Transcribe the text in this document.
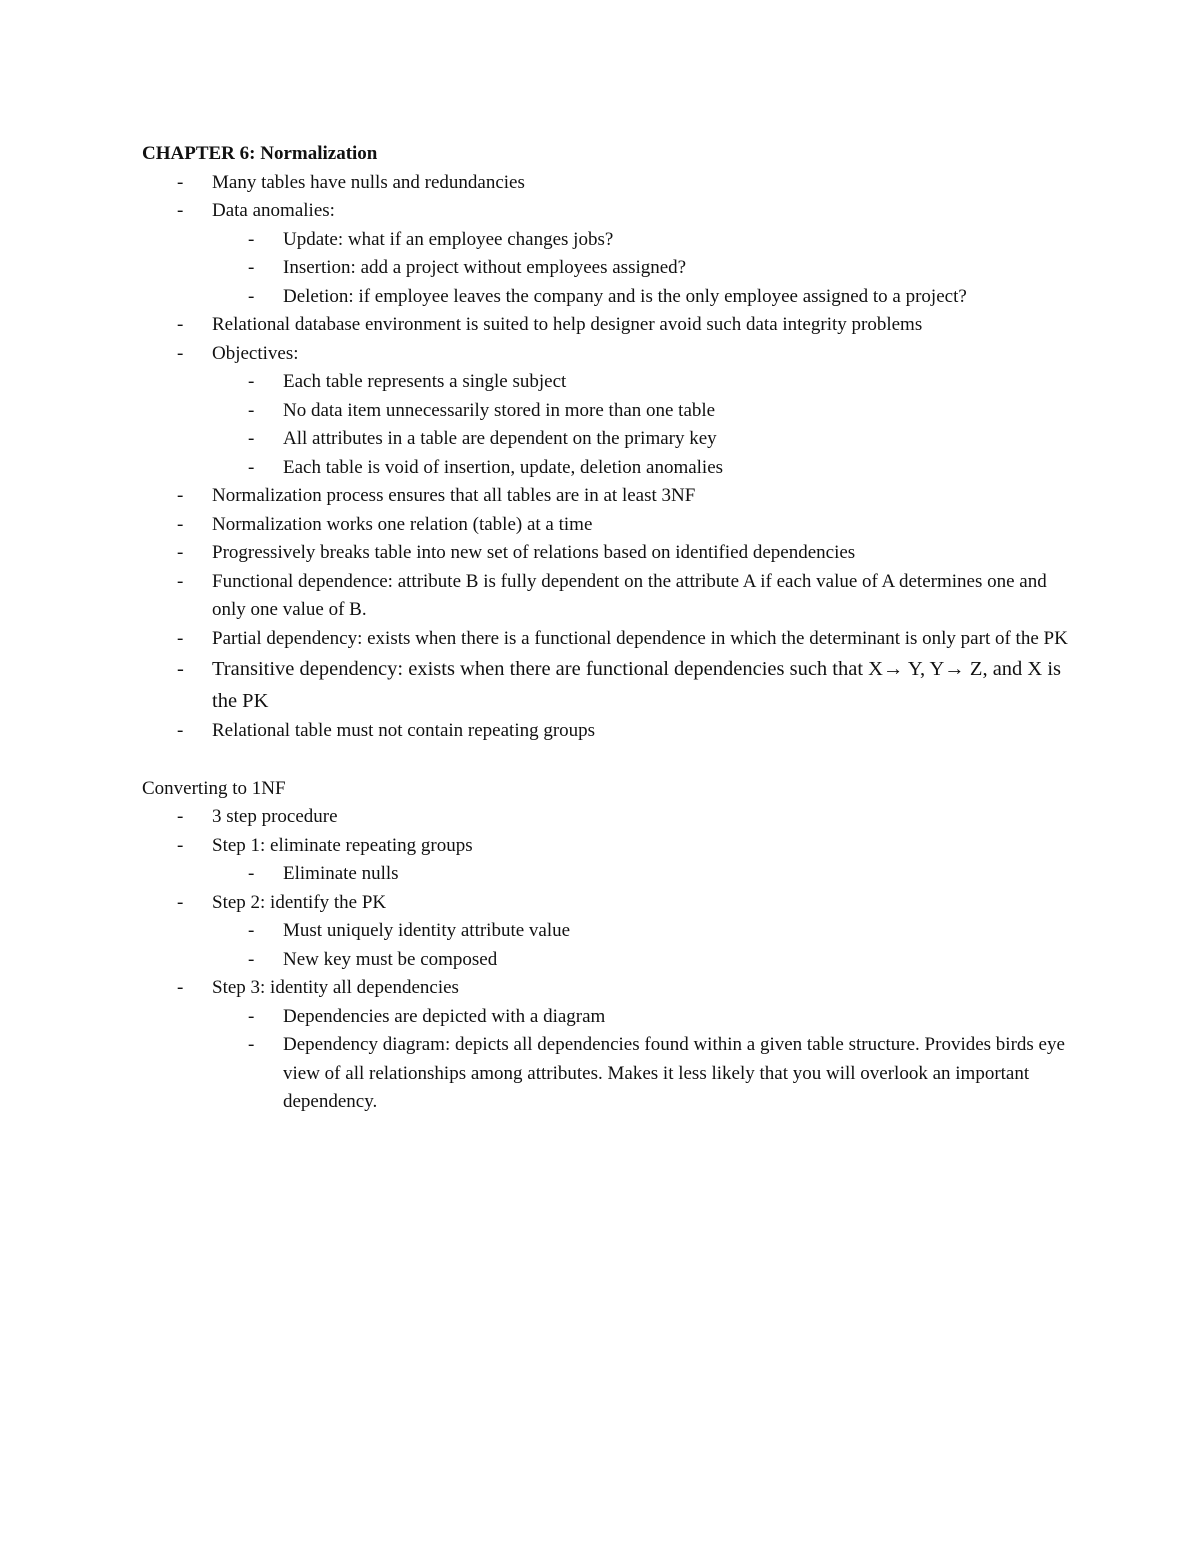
CHAPTER 6: Normalization

- Many tables have nulls and redundancies
- Data anomalies:
- Update: what if an employee changes jobs?
- Insertion: add a project without employees assigned?
- Deletion: if employee leaves the company and is the only employee assigned to a project?
- Relational database environment is suited to help designer avoid such data integrity problems
- Objectives:
- Each table represents a single subject
- No data item unnecessarily stored in more than one table
- All attributes in a table are dependent on the primary key
- Each table is void of insertion, update, deletion anomalies
- Normalization process ensures that all tables are in at least 3NF
- Normalization works one relation (table) at a time
- Progressively breaks table into new set of relations based on identified dependencies
- Functional dependence: attribute B is fully dependent on the attribute A if each value of A determines one and only one value of B.
- Partial dependency: exists when there is a functional dependence in which the determinant is only part of the PK
- Transitive dependency: exists when there are functional dependencies such that X→ Y, Y→ Z, and X is the PK
- Relational table must not contain repeating groups

Converting to 1NF

- 3 step procedure
- Step 1: eliminate repeating groups
- Eliminate nulls
- Step 2: identify the PK
- Must uniquely identity attribute value
- New key must be composed
- Step 3: identity all dependencies
- Dependencies are depicted with a diagram
- Dependency diagram: depicts all dependencies found within a given table structure. Provides birds eye view of all relationships among attributes. Makes it less likely that you will overlook an important dependency.
